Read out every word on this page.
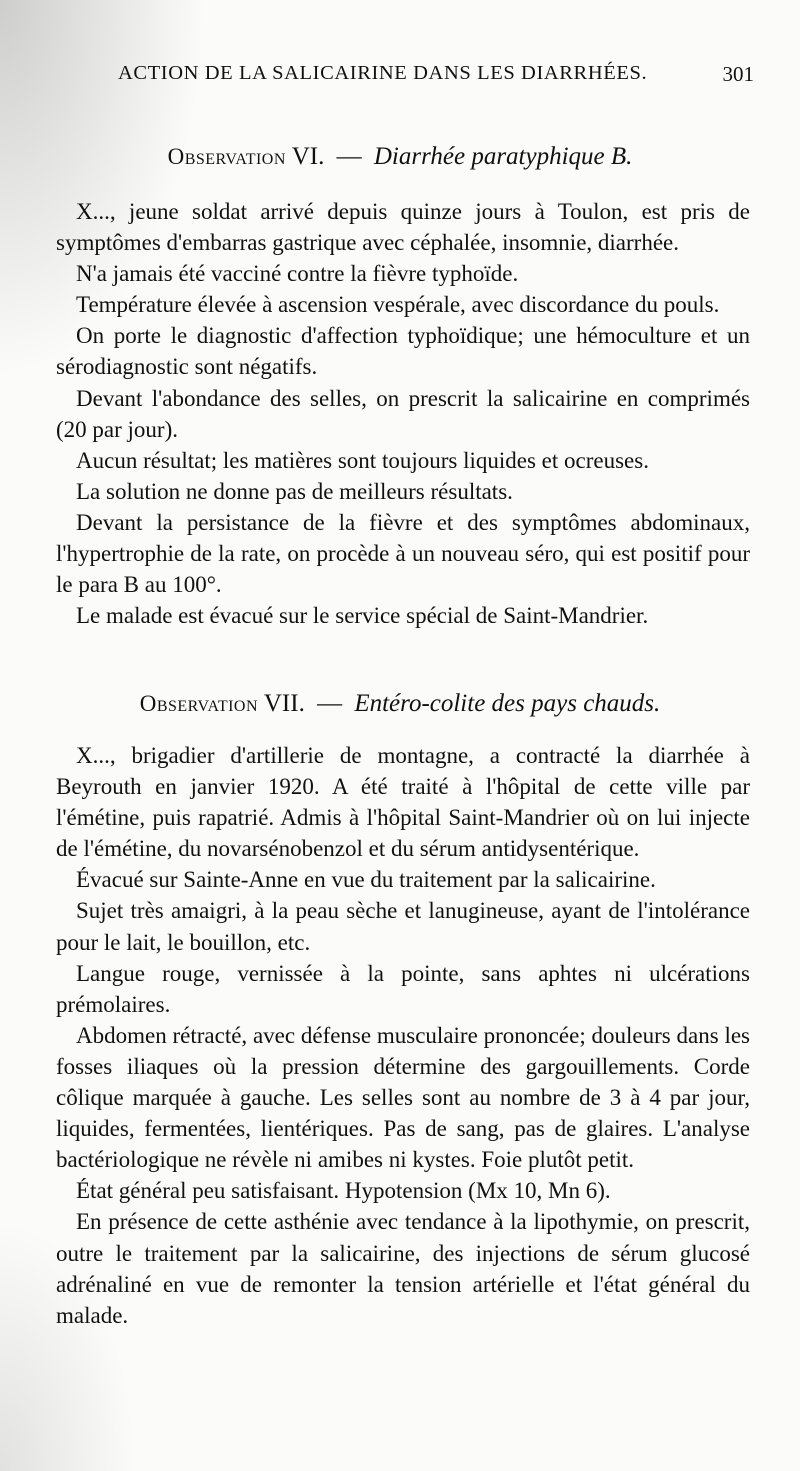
ACTION DE LA SALICAIRINE DANS LES DIARRHÉES.	301
Observation VI. — Diarrhée paratyphique B.

X..., jeune soldat arrivé depuis quinze jours à Toulon, est pris de symptômes d'embarras gastrique avec céphalée, insomnie, diarrhée.

N'a jamais été vacciné contre la fièvre typhoïde.

Température élevée à ascension vespérale, avec discordance du pouls.

On porte le diagnostic d'affection typhoïdique; une hémoculture et un sérodiagnostic sont négatifs.

Devant l'abondance des selles, on prescrit la salicairine en comprimés (20 par jour).

Aucun résultat; les matières sont toujours liquides et ocreuses.

La solution ne donne pas de meilleurs résultats.

Devant la persistance de la fièvre et des symptômes abdominaux, l'hypertrophie de la rate, on procède à un nouveau séro, qui est positif pour le para B au 100°.

Le malade est évacué sur le service spécial de Saint-Mandrier.

Observation VII. — Entéro-colite des pays chauds.

X..., brigadier d'artillerie de montagne, a contracté la diarrhée à Beyrouth en janvier 1920. A été traité à l'hôpital de cette ville par l'émétine, puis rapatrié. Admis à l'hôpital Saint-Mandrier où on lui injecte de l'émétine, du novarsénobenzol et du sérum antidysentérique.

Évacué sur Sainte-Anne en vue du traitement par la salicairine.

Sujet très amaigri, à la peau sèche et lanugineuse, ayant de l'intolérance pour le lait, le bouillon, etc.

Langue rouge, vernissée à la pointe, sans aphtes ni ulcérations prémolaires.

Abdomen rétracté, avec défense musculaire prononcée; douleurs dans les fosses iliaques où la pression détermine des gargouillements. Corde côlique marquée à gauche. Les selles sont au nombre de 3 à 4 par jour, liquides, fermentées, lientériques. Pas de sang, pas de glaires. L'analyse bactériologique ne révèle ni amibes ni kystes. Foie plutôt petit.

État général peu satisfaisant. Hypotension (Mx 10, Mn 6).

En présence de cette asthénie avec tendance à la lipothymie, on prescrit, outre le traitement par la salicairine, des injections de sérum glucosé adrénaliné en vue de remonter la tension artérielle et l'état général du malade.
